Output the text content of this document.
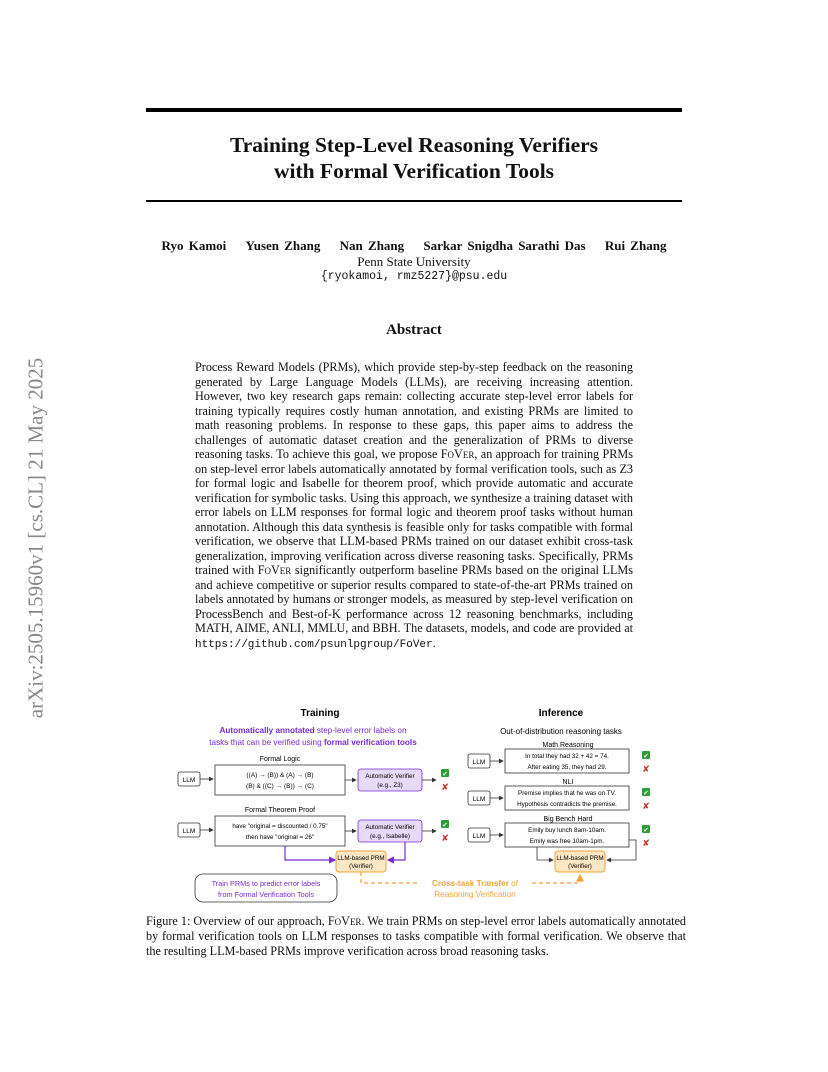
arXiv:2505.15960v1 [cs.CL] 21 May 2025
Training Step-Level Reasoning Verifiers
with Formal Verification Tools
Ryo Kamoi Yusen Zhang Nan Zhang Sarkar Snigdha Sarathi Das Rui Zhang
Penn State University
{ryokamoi, rmz5227}@psu.edu
Abstract
Process Reward Models (PRMs), which provide step-by-step feedback on the reasoning generated by Large Language Models (LLMs), are receiving increasing attention. However, two key research gaps remain: collecting accurate step-level error labels for training typically requires costly human annotation, and existing PRMs are limited to math reasoning problems. In response to these gaps, this paper aims to address the challenges of automatic dataset creation and the generalization of PRMs to diverse reasoning tasks. To achieve this goal, we propose FoVer, an approach for training PRMs on step-level error labels automatically annotated by formal verification tools, such as Z3 for formal logic and Isabelle for theorem proof, which provide automatic and accurate verification for symbolic tasks. Using this approach, we synthesize a training dataset with error labels on LLM responses for formal logic and theorem proof tasks without human annotation. Although this data synthesis is feasible only for tasks compatible with formal verification, we observe that LLM-based PRMs trained on our dataset exhibit cross-task generalization, improving verification across diverse reasoning tasks. Specifically, PRMs trained with FoVer significantly outperform baseline PRMs based on the original LLMs and achieve competitive or superior results compared to state-of-the-art PRMs trained on labels annotated by humans or stronger models, as measured by step-level verification on ProcessBench and Best-of-K performance across 12 reasoning benchmarks, including MATH, AIME, ANLI, MMLU, and BBH. The datasets, models, and code are provided at https://github.com/psunlpgroup/FoVer.
Training
Automatically annotated step-level error labels on
tasks that can be verified using formal verification tools
Formal Logic
LLM
((A) → (B)) & (A) → (B)
(B) & ((C) → (B)) → (C)
Automatic Verifier
(e.g., Z3)
✔
✘
Formal Theorem Proof
LLM
have "original = discounted / 0.75"
then have "original = 26"
Automatic Verifier
(e.g., Isabelle)
✔
✘
LLM-based PRM
(Verifier)
Train PRMs to predict error labels
from Formal Verification Tools
Inference
Out-of-distribution reasoning tasks
Math Reasoning
LLM
In total they had 32 + 42 = 74.
After eating 35, they had 29.
✔
✘
NLI
LLM
Premise implies that he was on TV.
Hypothesis contradicts the premise.
✔
✘
Big Bench Hard
LLM
Emily buy lunch 8am-10am.
Emily was free 10am-1pm.
✔
✘
LLM-based PRM
(Verifier)
Cross-task Transfer of
Reasoning Verification
Figure 1: Overview of our approach, FoVer. We train PRMs on step-level error labels automatically annotated by formal verification tools on LLM responses to tasks compatible with formal verification. We observe that the resulting LLM-based PRMs improve verification across broad reasoning tasks.
